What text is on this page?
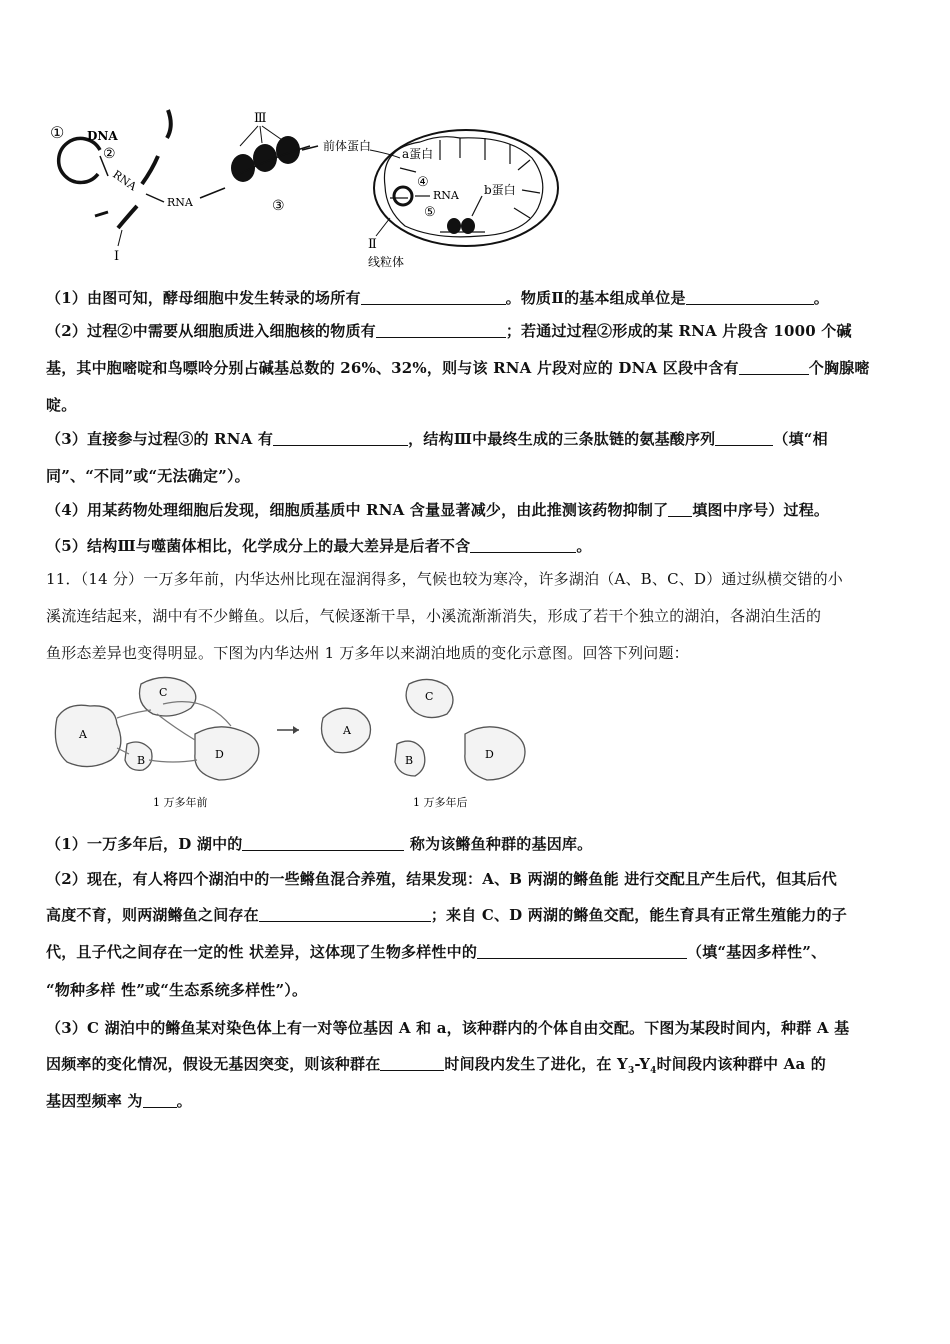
① DNA
②
RNA
I
RNA
Ⅲ
③
前体蛋白
a蛋白
④
RNA
⑤
b蛋白
Ⅱ
线粒体
（1）由图可知，酵母细胞中发生转录的场所有	。物质Ⅱ的基本组成单位是	。
（2）过程②中需要从细胞质进入细胞核的物质有	；若通过过程②形成的某 RNA 片段含 1000 个碱
基，其中胞嘧啶和鸟嘌呤分别占碱基总数的 26%、32%，则与该 RNA 片段对应的 DNA 区段中含有	个胸腺嘧
啶。
（3）直接参与过程③的 RNA 有	，结构Ⅲ中最终生成的三条肽链的氨基酸序列	（填“相
同”、“不同”或“无法确定”）。
（4）用某药物处理细胞后发现，细胞质基质中 RNA 含量显著减少，由此推测该药物抑制了 填图中序号）过程。
（5）结构Ⅲ与噬菌体相比，化学成分上的最大差异是后者不含	。
11．（14 分）一万多年前，内华达州比现在湿润得多，气候也较为寒冷，许多湖泊（A、B、C、D）通过纵横交错的小
溪流连结起来，湖中有不少鳉鱼。以后，气候逐渐干旱，小溪流渐渐消失，形成了若干个独立的湖泊，各湖泊生活的
鱼形态差异也变得明显。下图为内华达州 1 万多年以来湖泊地质的变化示意图。回答下列问题：
A
C
B	D
1 万多年前
A
C
B	D
1 万多年后
（1）一万多年后，D 湖中的	称为该鳉鱼种群的基因库。
（2）现在，有人将四个湖泊中的一些鳉鱼混合养殖，结果发现：A、B 两湖的鳉鱼能 进行交配且产生后代，但其后代
高度不育，则两湖鳉鱼之间存在	；来自 C、D 两湖的鳉鱼交配，能生育具有正常生殖能力的子
代，且子代之间存在一定的性 状差异，这体现了生物多样性中的	（填“基因多样性”、
“物种多样 性”或“生态系统多样性”）。
（3）C 湖泊中的鳉鱼某对染色体上有一对等位基因 A 和 a，该种群内的个体自由交配。下图为某段时间内，种群 A 基
因频率的变化情况，假设无基因突变，则该种群在	时间段内发生了进化，在 $Y_3-Y_4$时间段内该种群中 Aa 的
基因型频率 为 。
